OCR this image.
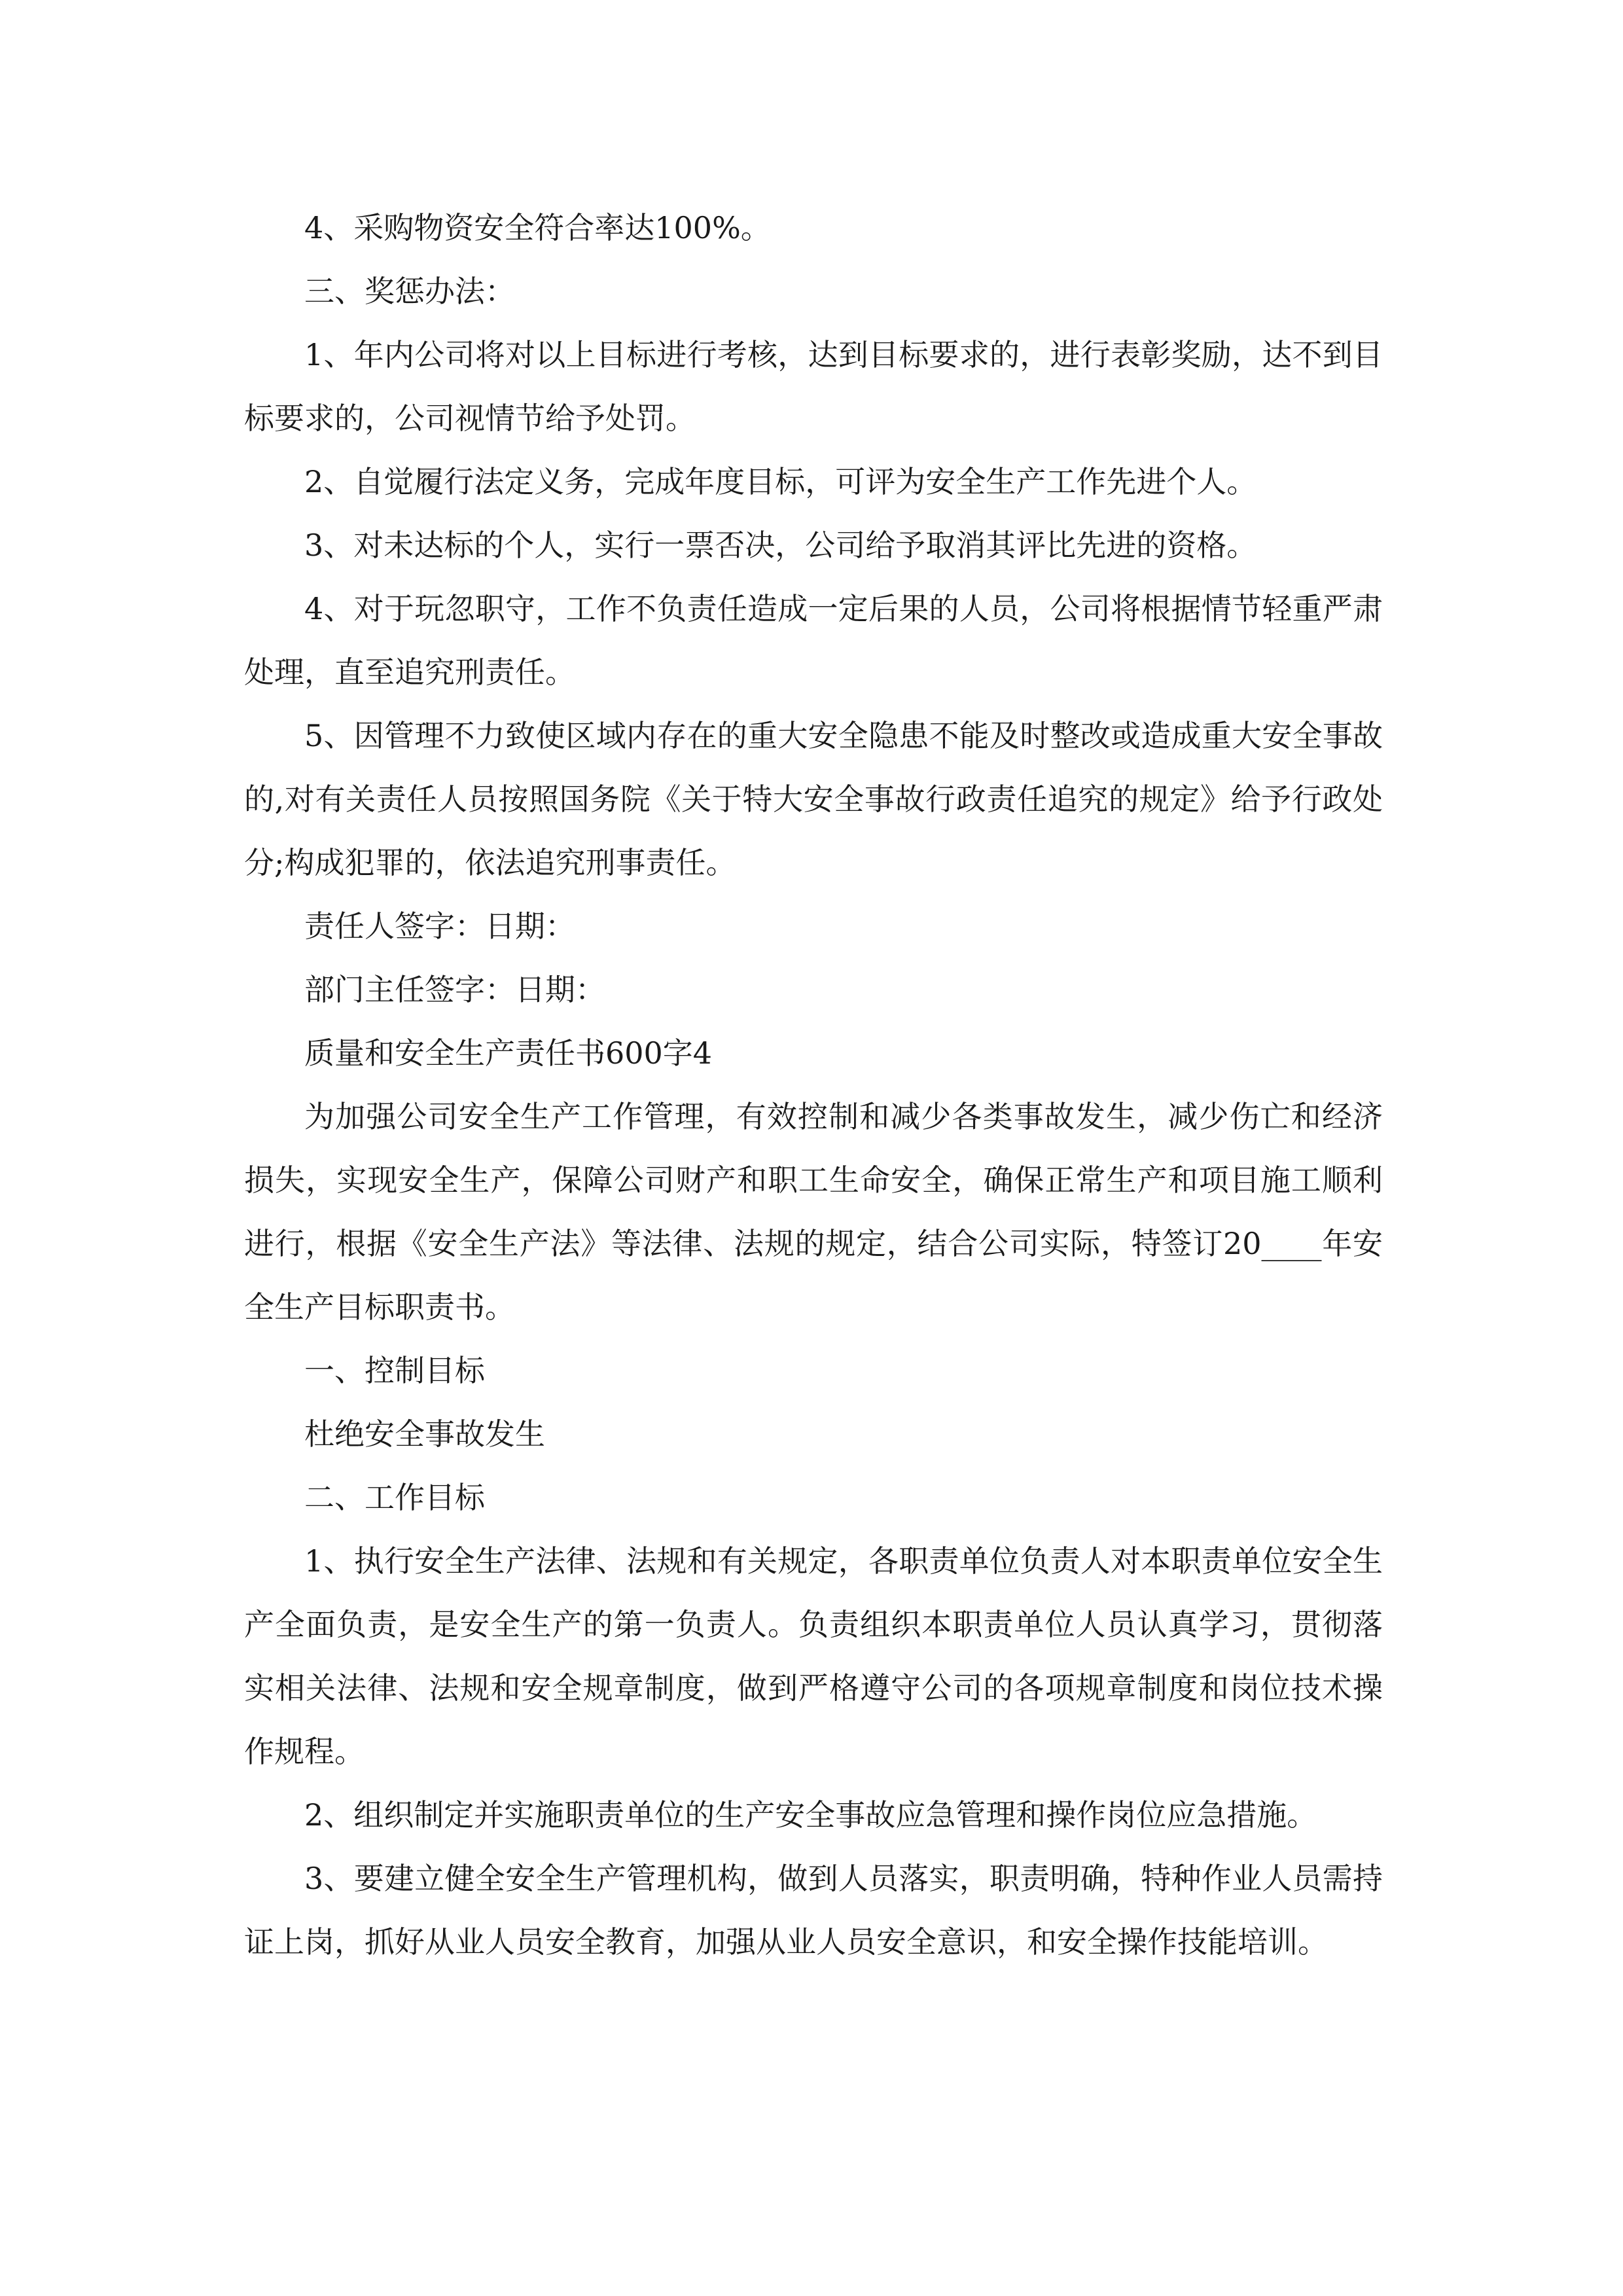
4、采购物资安全符合率达100%。

三、奖惩办法：

1、年内公司将对以上目标进行考核，达到目标要求的，进行表彰奖励，达不到目标要求的，公司视情节给予处罚。

2、自觉履行法定义务，完成年度目标，可评为安全生产工作先进个人。

3、对未达标的个人，实行一票否决，公司给予取消其评比先进的资格。

4、对于玩忽职守，工作不负责任造成一定后果的人员，公司将根据情节轻重严肃处理，直至追究刑责任。

5、因管理不力致使区域内存在的重大安全隐患不能及时整改或造成重大安全事故的,对有关责任人员按照国务院《关于特大安全事故行政责任追究的规定》给予行政处分;构成犯罪的，依法追究刑事责任。

责任人签字：日期：

部门主任签字：日期：

质量和安全生产责任书600字4

为加强公司安全生产工作管理，有效控制和减少各类事故发生，减少伤亡和经济损失，实现安全生产，保障公司财产和职工生命安全，确保正常生产和项目施工顺利进行，根据《安全生产法》等法律、法规的规定，结合公司实际，特签订20____年安全生产目标职责书。

一、控制目标

杜绝安全事故发生

二、工作目标

1、执行安全生产法律、法规和有关规定，各职责单位负责人对本职责单位安全生产全面负责，是安全生产的第一负责人。负责组织本职责单位人员认真学习，贯彻落实相关法律、法规和安全规章制度，做到严格遵守公司的各项规章制度和岗位技术操作规程。

2、组织制定并实施职责单位的生产安全事故应急管理和操作岗位应急措施。

3、要建立健全安全生产管理机构，做到人员落实，职责明确，特种作业人员需持证上岗，抓好从业人员安全教育，加强从业人员安全意识，和安全操作技能培训。
